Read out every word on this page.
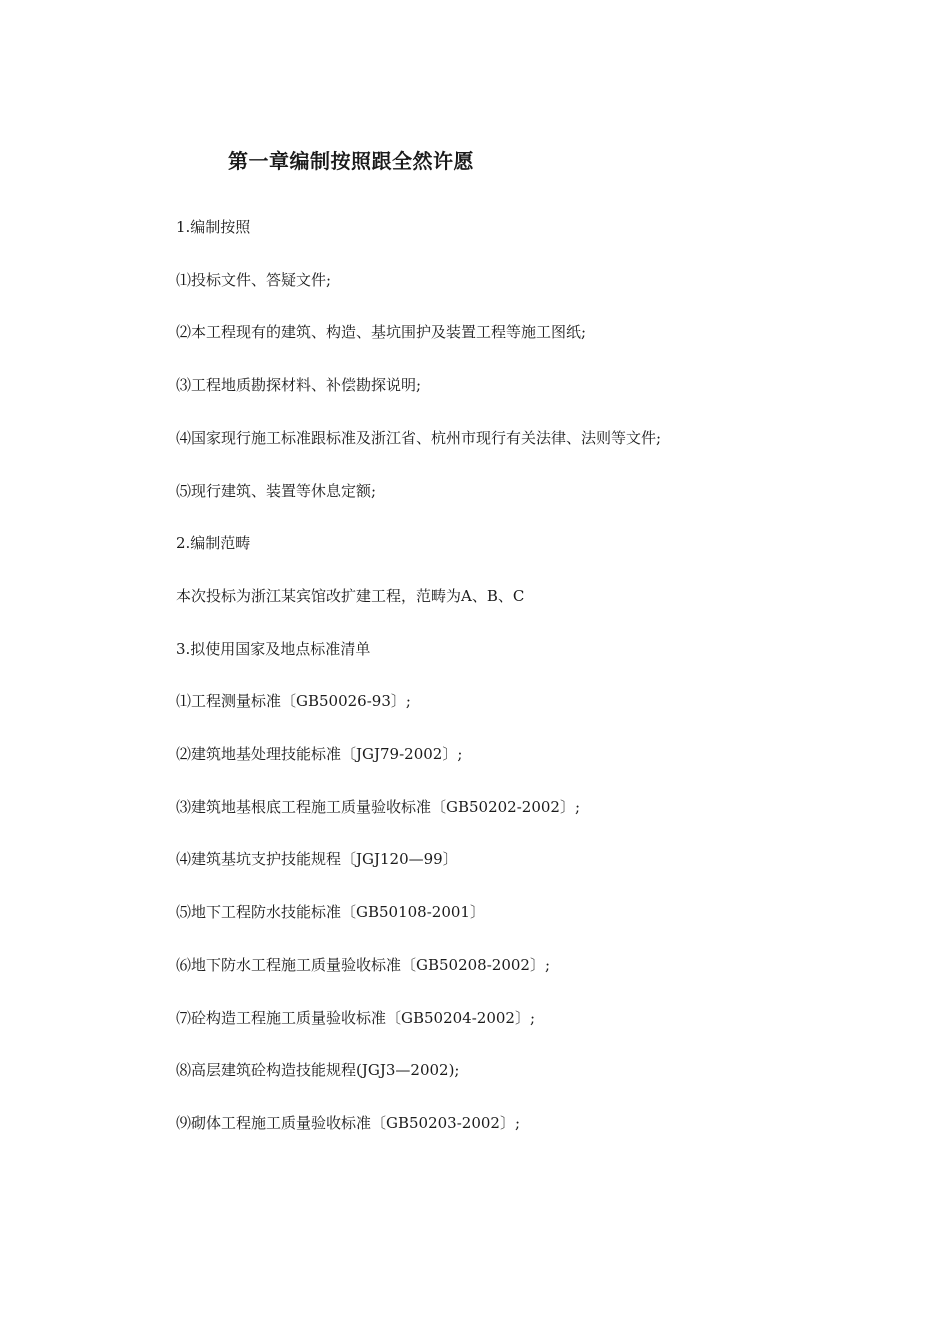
第一章编制按照跟全然许愿
1.编制按照
⑴投标文件、答疑文件;
⑵本工程现有的建筑、构造、基坑围护及装置工程等施工图纸;
⑶工程地质勘探材料、补偿勘探说明;
⑷国家现行施工标准跟标准及浙江省、杭州市现行有关法律、法则等文件;
⑸现行建筑、装置等休息定额;
2.编制范畴
本次投标为浙江某宾馆改扩建工程，范畴为A、B、C
3.拟使用国家及地点标准清单
⑴工程测量标准〔GB50026-93〕;
⑵建筑地基处理技能标准〔JGJ79-2002〕;
⑶建筑地基根底工程施工质量验收标准〔GB50202-2002〕;
⑷建筑基坑支护技能规程〔JGJ120—99〕
⑸地下工程防水技能标准〔GB50108-2001〕
⑹地下防水工程施工质量验收标准〔GB50208-2002〕;
⑺砼构造工程施工质量验收标准〔GB50204-2002〕;
⑻高层建筑砼构造技能规程(JGJ3—2002);
⑼砌体工程施工质量验收标准〔GB50203-2002〕;
